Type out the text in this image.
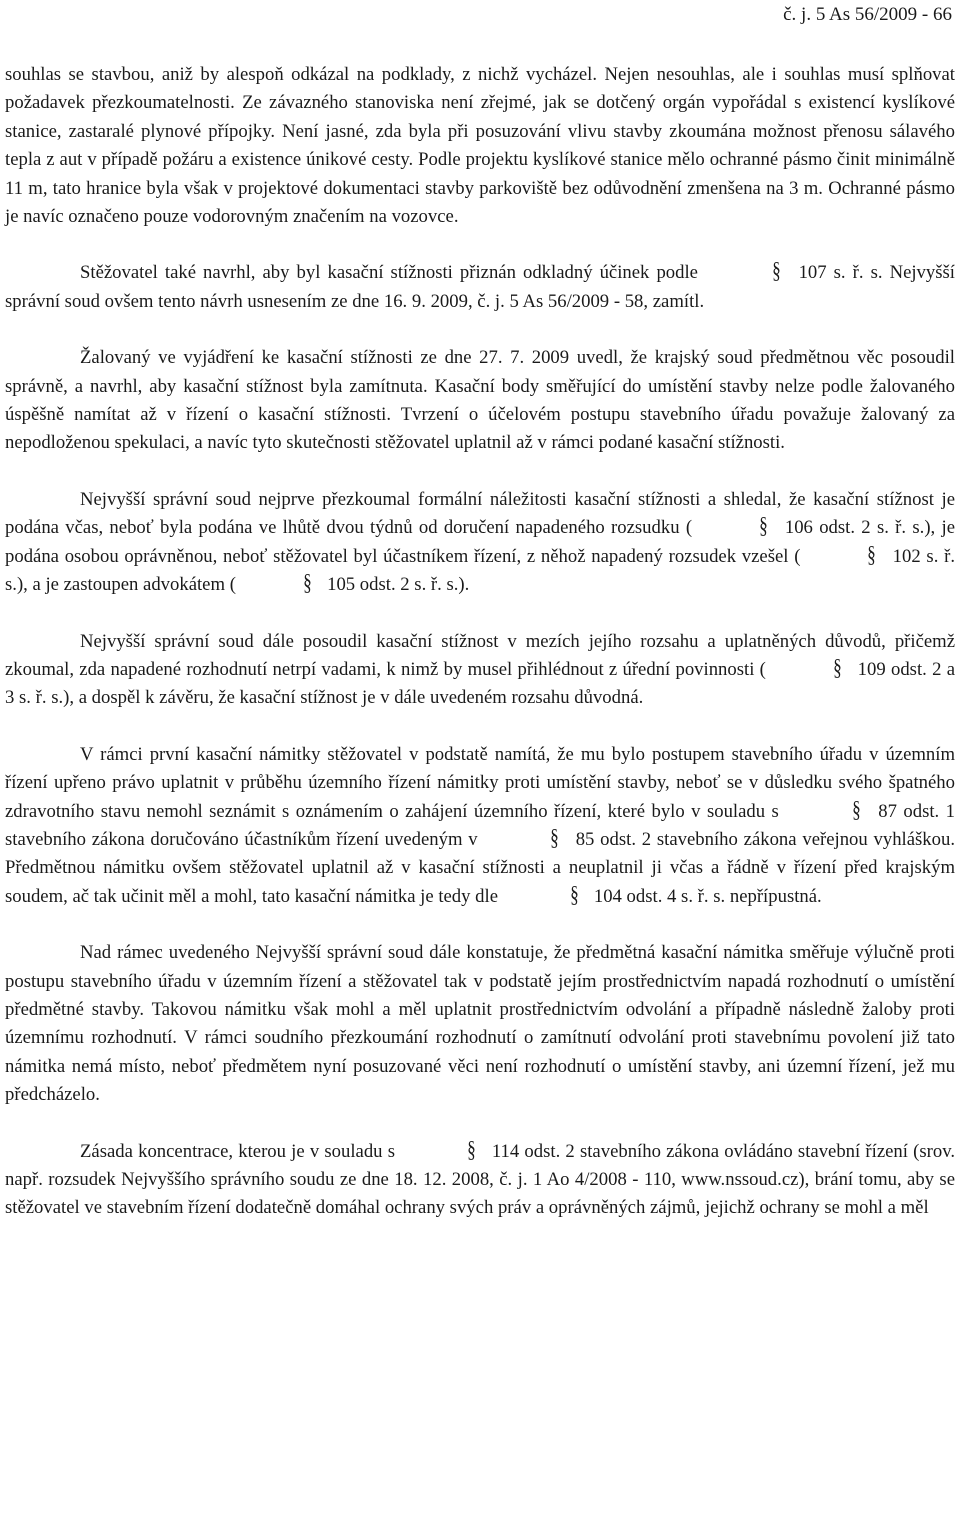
č. j. 5 As 56/2009 - 66

souhlas se stavbou, aniž by alespoň odkázal na podklady, z nichž vycházel. Nejen nesouhlas, ale i souhlas musí splňovat požadavek přezkoumatelnosti. Ze závazného stanoviska není zřejmé, jak se dotčený orgán vypořádal s existencí kyslíkové stanice, zastaralé plynové přípojky. Není jasné, zda byla při posuzování vlivu stavby zkoumána možnost přenosu sálavého tepla z aut v případě požáru a existence únikové cesty. Podle projektu kyslíkové stanice mělo ochranné pásmo činit minimálně 11 m, tato hranice byla však v projektové dokumentaci stavby parkoviště bez odůvodnění zmenšena na 3 m. Ochranné pásmo je navíc označeno pouze vodorovným značením na vozovce.

Stěžovatel také navrhl, aby byl kasační stížnosti přiznán odkladný účinek podle	§ 107 s. ř. s. Nejvyšší správní soud ovšem tento návrh usnesením ze dne 16. 9. 2009, č. j. 5 As 56/2009 - 58, zamítl.

Žalovaný ve vyjádření ke kasační stížnosti ze dne 27. 7. 2009 uvedl, že krajský soud předmětnou věc posoudil správně, a navrhl, aby kasační stížnost byla zamítnuta. Kasační body směřující do umístění stavby nelze podle žalovaného úspěšně namítat až v řízení o kasační stížnosti. Tvrzení o účelovém postupu stavebního úřadu považuje žalovaný za nepodloženou spekulaci, a navíc tyto skutečnosti stěžovatel uplatnil až v rámci podané kasační stížnosti.

Nejvyšší správní soud nejprve přezkoumal formální náležitosti kasační stížnosti a shledal, že kasační stížnost je podána včas, neboť byla podána ve lhůtě dvou týdnů od doručení napadeného rozsudku (	§ 106 odst. 2 s. ř. s.), je podána osobou oprávněnou, neboť stěžovatel byl účastníkem řízení, z něhož napadený rozsudek vzešel (	§ 102 s. ř. s.), a je zastoupen advokátem (	§ 105 odst. 2 s. ř. s.).

Nejvyšší správní soud dále posoudil kasační stížnost v mezích jejího rozsahu a uplatněných důvodů, přičemž zkoumal, zda napadené rozhodnutí netrpí vadami, k nimž by musel přihlédnout z úřední povinnosti (	§ 109 odst. 2 a 3 s. ř. s.), a dospěl k závěru, že kasační stížnost je v dále uvedeném rozsahu důvodná.

V rámci první kasační námitky stěžovatel v podstatě namítá, že mu bylo postupem stavebního úřadu v územním řízení upřeno právo uplatnit v průběhu územního řízení námitky proti umístění stavby, neboť se v důsledku svého špatného zdravotního stavu nemohl seznámit s oznámením o zahájení územního řízení, které bylo v souladu s	§ 87 odst. 1 stavebního zákona doručováno účastníkům řízení uvedeným v	§ 85 odst. 2 stavebního zákona veřejnou vyhláškou. Předmětnou námitku ovšem stěžovatel uplatnil až v kasační stížnosti a neuplatnil ji včas a řádně v řízení před krajským soudem, ač tak učinit měl a mohl, tato kasační námitka je tedy dle	§ 104 odst. 4 s. ř. s. nepřípustná.

Nad rámec uvedeného Nejvyšší správní soud dále konstatuje, že předmětná kasační námitka směřuje výlučně proti postupu stavebního úřadu v územním řízení a stěžovatel tak v podstatě jejím prostřednictvím napadá rozhodnutí o umístění předmětné stavby. Takovou námitku však mohl a měl uplatnit prostřednictvím odvolání a případně následně žaloby proti územnímu rozhodnutí. V rámci soudního přezkoumání rozhodnutí o zamítnutí odvolání proti stavebnímu povolení již tato námitka nemá místo, neboť předmětem nyní posuzované věci není rozhodnutí o umístění stavby, ani územní řízení, jež mu předcházelo.

Zásada koncentrace, kterou je v souladu s	§ 114 odst. 2 stavebního zákona ovládáno stavební řízení (srov. např. rozsudek Nejvyššího správního soudu ze dne 18. 12. 2008, č. j. 1 Ao 4/2008 - 110, www.nssoud.cz), brání tomu, aby se stěžovatel ve stavebním řízení dodatečně domáhal ochrany svých práv a oprávněných zájmů, jejichž ochrany se mohl a měl
